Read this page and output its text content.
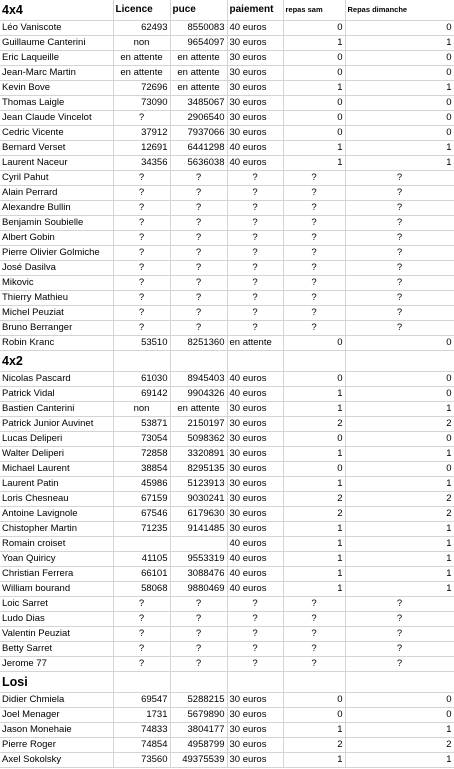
4x4	Licence	puce	paiement	repas sam	Repas dimanche
Léo Vaniscote	62493	8550083	40 euros	0	0
Guillaume Canterini	non	9654097	30 euros	1	1
Eric Laqueille	en attente	en attente	30 euros	0	0
Jean-Marc Martin	en attente	en attente	30 euros	0	0
Kevin Bove	72696	en attente	30 euros	1	1
Thomas Laigle	73090	3485067	30 euros	0	0
Jean Claude Vincelot	?	2906540	30 euros	0	0
Cedric Vicente	37912	7937066	30 euros	0	0
Bernard Verset	12691	6441298	40 euros	1	1
Laurent Naceur	34356	5636038	40 euros	1	1
Cyril Pahut	?	?	?	?	?
Alain Perrard	?	?	?	?	?
Alexandre Bullin	?	?	?	?	?
Benjamin Soubielle	?	?	?	?	?
Albert Gobin	?	?	?	?	?
Pierre Olivier Golmiche	?	?	?	?	?
José Dasilva	?	?	?	?	?
Mikovic	?	?	?	?	?
Thierry Mathieu	?	?	?	?	?
Michel Peuziat	?	?	?	?	?
Bruno Berranger	?	?	?	?	?
Robin Kranc	53510	8251360	en attente	0	0
4x2					
Nicolas Pascard	61030	8945403	40 euros	0	0
Patrick Vidal	69142	9904326	40 euros	1	0
Bastien Canterini	non	en attente	30 euros	1	1
Patrick Junior Auvinet	53871	2150197	30 euros	2	2
Lucas Deliperi	73054	5098362	30 euros	0	0
Walter Deliperi	72858	3320891	30 euros	1	1
Michael Laurent	38854	8295135	30 euros	0	0
Laurent Patin	45986	5123913	30 euros	1	1
Loris Chesneau	67159	9030241	30 euros	2	2
Antoine Lavignole	67546	6179630	30 euros	2	2
Chistopher Martin	71235	9141485	30 euros	1	1
Romain croiset			40 euros	1	1
Yoan Quiricy	41105	9553319	40 euros	1	1
Christian Ferrera	66101	3088476	40 euros	1	1
William bourand	58068	9880469	40 euros	1	1
Loic Sarret	?	?	?	?	?
Ludo Dias	?	?	?	?	?
Valentin Peuziat	?	?	?	?	?
Betty Sarret	?	?	?	?	?
Jerome 77	?	?	?	?	?
Losi					
Didier Chmiela	69547	5288215	30 euros	0	0
Joel Menager	1731	5679890	30 euros	0	0
Jason Monehaie	74833	3804177	30 euros	1	1
Pierre Roger	74854	4958799	30 euros	2	2
Axel Sokolsky	73560	49375539	30 euros	1	1
